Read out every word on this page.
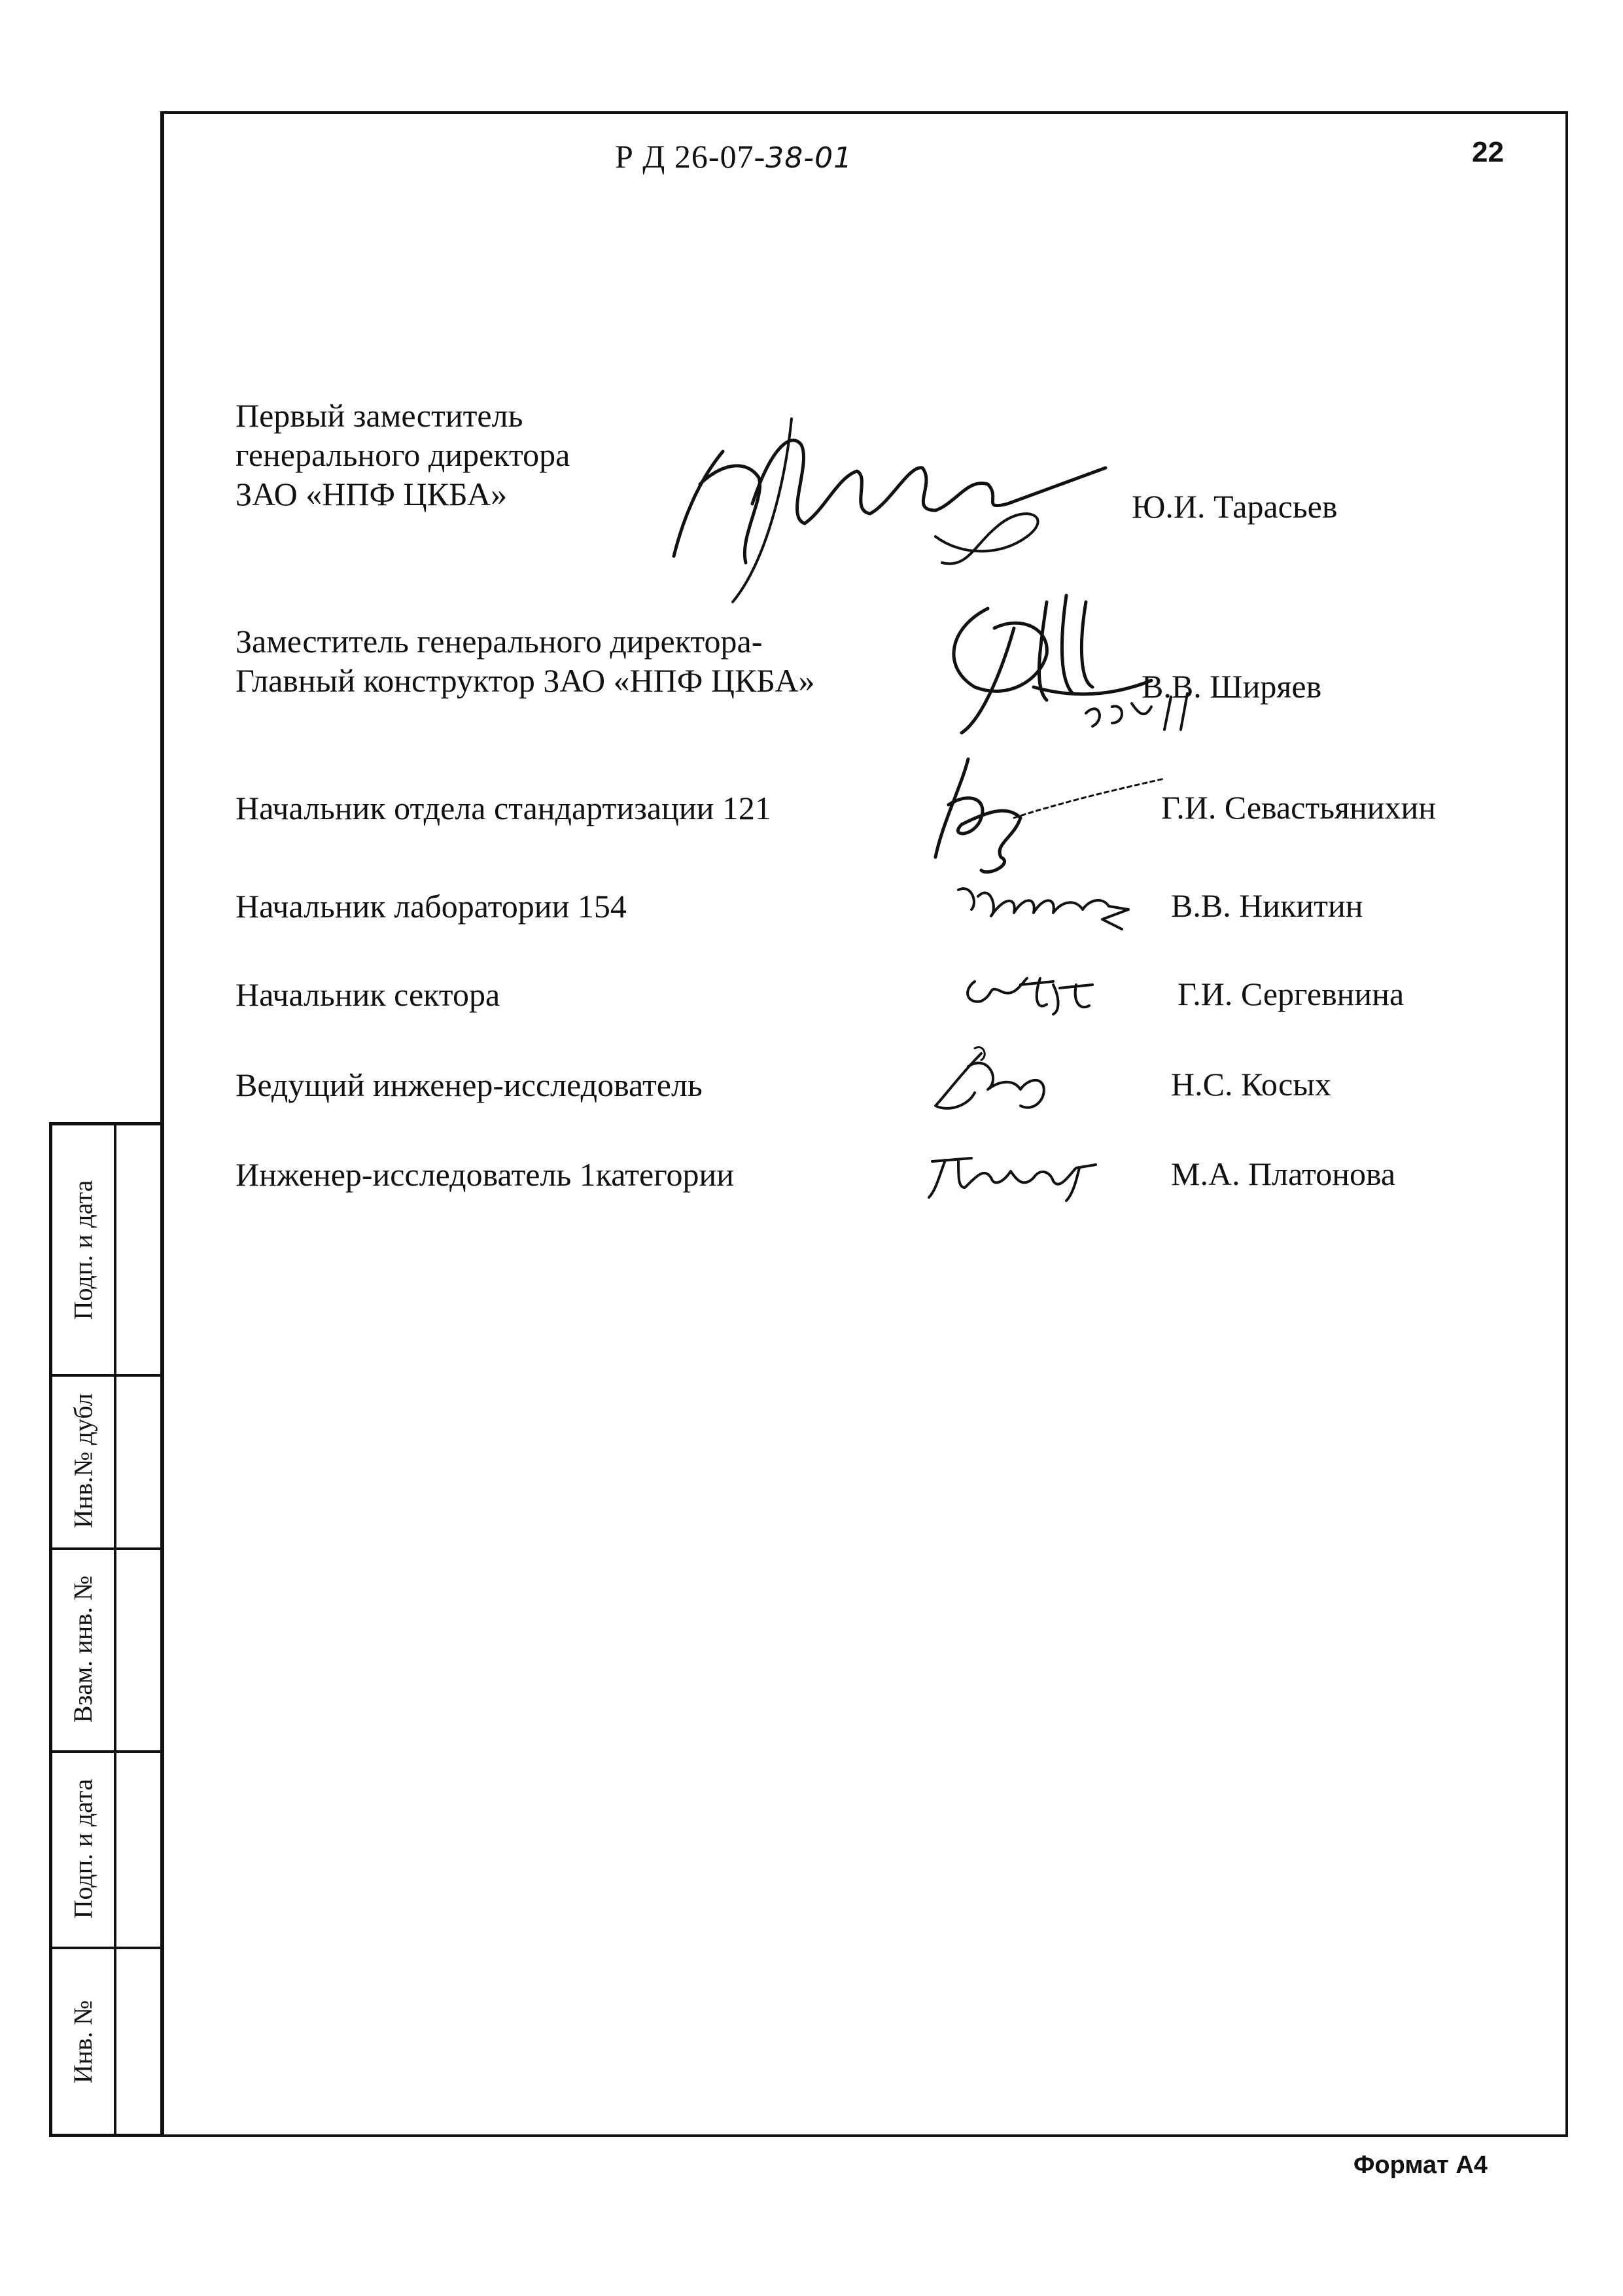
Р Д 26-07-38-01	22
Первый заместитель
генерального директора
ЗАО «НПФ ЦКБА»	Ю.И. Тарасьев
Заместитель генерального директора-
Главный конструктор ЗАО «НПФ ЦКБА»	В.В. Ширяев
Начальник отдела стандартизации 121	Г.И. Севастьянихин
Начальник лаборатории 154	В.В. Никитин
Начальник сектора	Г.И. Сергевнина
Ведущий инженер-исследователь	Н.С. Косых
Инженер-исследователь 1категории	М.А. Платонова
Подп. и дата
Инв.№ дубл
Взам. инв. №
Подп. и дата
Инв. №
Формат А4
